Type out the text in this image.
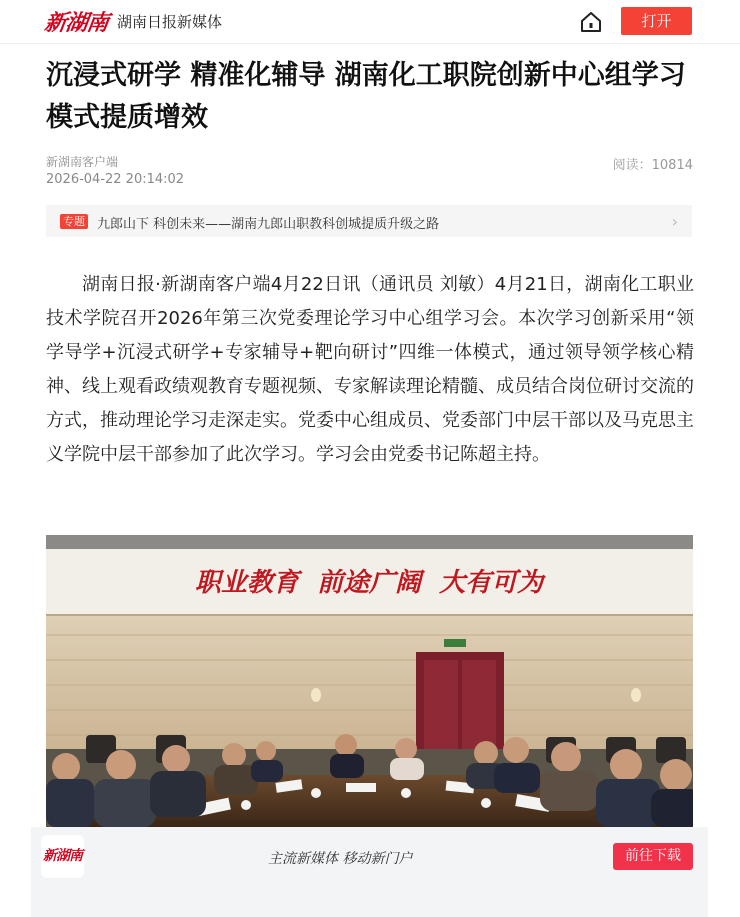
新湖南 湖南日报新媒体	打开
沉浸式研学 精准化辅导 湖南化工职院创新中心组学习模式提质增效
新湖南客户端
2026-04-22 20:14:02
阅读：10814
专题 九郎山下 科创未来——湖南九郎山职教科创城提质升级之路	›

湖南日报·新湖南客户端4月22日讯（通讯员 刘敏）4月21日，湖南化工职业技术学院召开2026年第三次党委理论学习中心组学习会。本次学习创新采用“领学导学+沉浸式研学+专家辅导+靶向研讨”四维一体模式，通过领导领学核心精神、线上观看政绩观教育专题视频、专家解读理论精髓、成员结合岗位研讨交流的方式，推动理论学习走深走实。党委中心组成员、党委部门中层干部以及马克思主义学院中层干部参加了此次学习。学习会由党委书记陈超主持。

职业教育  前途广阔  大有可为
新湖南	主流新媒体 移动新门户	前往下载
